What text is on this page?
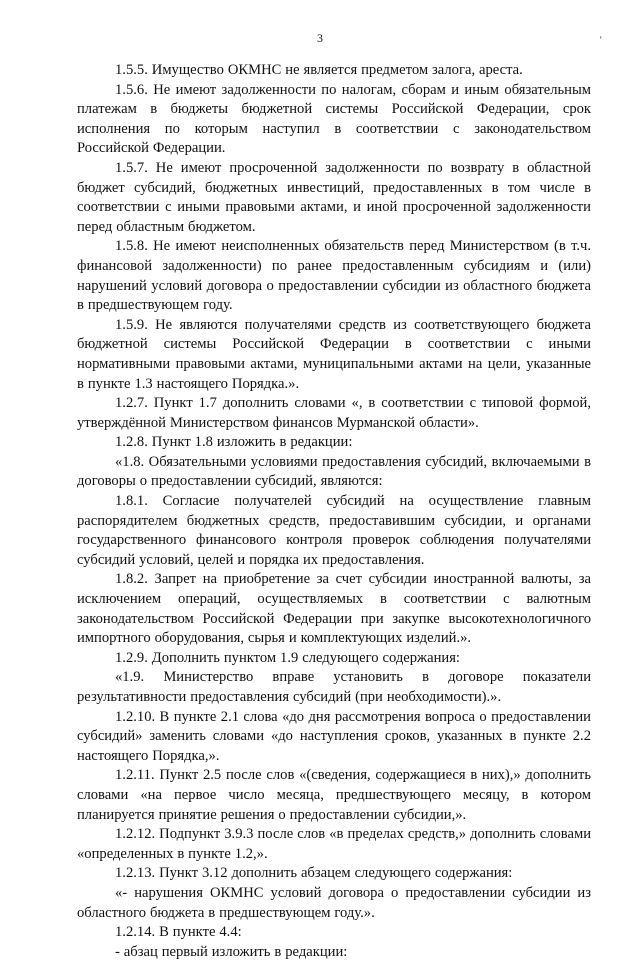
3	'

1.5.5. Имущество ОКМНС не является предметом залога, ареста.

1.5.6. Не имеют задолженности по налогам, сборам и иным обязательным платежам в бюджеты бюджетной системы Российской Федерации, срок исполнения по которым наступил в соответствии с законодательством Российской Федерации.

1.5.7. Не имеют просроченной задолженности по возврату в областной бюджет субсидий, бюджетных инвестиций, предоставленных в том числе в соответствии с иными правовыми актами, и иной просроченной задолженности перед областным бюджетом.

1.5.8. Не имеют неисполненных обязательств перед Министерством (в т.ч. финансовой задолженности) по ранее предоставленным субсидиям и (или) нарушений условий договора о предоставлении субсидии из областного бюджета в предшествующем году.

1.5.9. Не являются получателями средств из соответствующего бюджета бюджетной системы Российской Федерации в соответствии с иными нормативными правовыми актами, муниципальными актами на цели, указанные в пункте 1.3 настоящего Порядка.».

1.2.7. Пункт 1.7 дополнить словами «, в соответствии с типовой формой, утверждённой Министерством финансов Мурманской области».

1.2.8. Пункт 1.8 изложить в редакции:

«1.8. Обязательными условиями предоставления субсидий, включаемыми в договоры о предоставлении субсидий, являются:

1.8.1. Согласие получателей субсидий на осуществление главным распорядителем бюджетных средств, предоставившим субсидии, и органами государственного финансового контроля проверок соблюдения получателями субсидий условий, целей и порядка их предоставления.

1.8.2. Запрет на приобретение за счет субсидии иностранной валюты, за исключением операций, осуществляемых в соответствии с валютным законодательством Российской Федерации при закупке высокотехнологичного импортного оборудования, сырья и комплектующих изделий.».

1.2.9. Дополнить пунктом 1.9 следующего содержания:

«1.9. Министерство вправе установить в договоре показатели результативности предоставления субсидий (при необходимости).».

1.2.10. В пункте 2.1 слова «до дня рассмотрения вопроса о предоставлении субсидий» заменить словами «до наступления сроков, указанных в пункте 2.2 настоящего Порядка,».

1.2.11. Пункт 2.5 после слов «(сведения, содержащиеся в них),» дополнить словами «на первое число месяца, предшествующего месяцу, в котором планируется принятие решения о предоставлении субсидии,».

1.2.12. Подпункт 3.9.3 после слов «в пределах средств,» дополнить словами «определенных в пункте 1.2,».

1.2.13. Пункт 3.12 дополнить абзацем следующего содержания:

«- нарушения ОКМНС условий договора о предоставлении субсидии из областного бюджета в предшествующем году.».

1.2.14. В пункте 4.4:

- абзац первый изложить в редакции:
